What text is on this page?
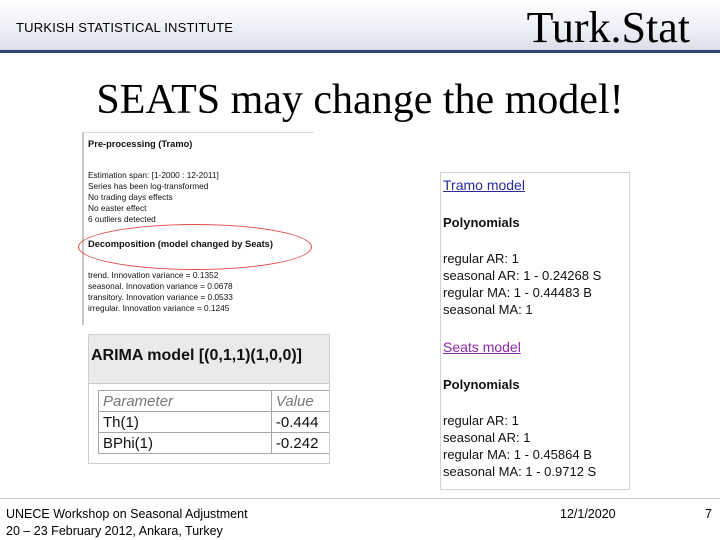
TURKISH STATISTICAL INSTITUTE	Turk.Stat
SEATS may change the model!
Pre-processing (Tramo)
Estimation span: [1-2000 : 12-2011]
Series has been log-transformed
No trading days effects
No easter effect
6 outliers detected
Decomposition (model changed by Seats)
trend. Innovation variance = 0.1352
seasonal. Innovation variance = 0.0678
transitory. Innovation variance = 0.0533
irregular. Innovation variance = 0.1245
ARIMA model [(0,1,1)(1,0,0)]
Parameter	Value
Th(1)	-0.444
BPhi(1)	-0.242
Tramo model
Polynomials
regular AR: 1
seasonal AR: 1 - 0.24268 S
regular MA: 1 - 0.44483 B
seasonal MA: 1
Seats model
Polynomials
regular AR: 1
seasonal AR: 1
regular MA: 1 - 0.45864 B
seasonal MA: 1 - 0.9712 S
UNECE Workshop on Seasonal Adjustment
20 – 23 February 2012, Ankara, Turkey
12/1/2020	7
